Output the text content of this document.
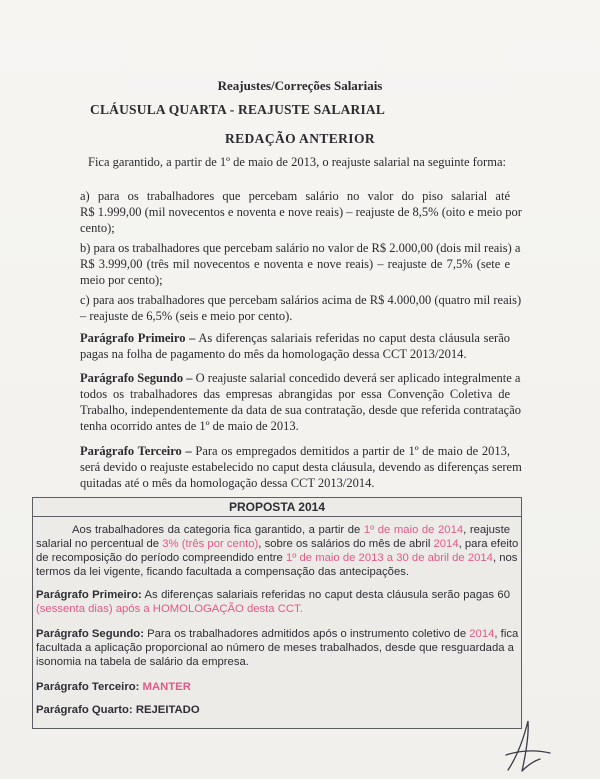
Reajustes/Correções Salariais
CLÁUSULA QUARTA - REAJUSTE SALARIAL
REDAÇÃO ANTERIOR
Fica garantido, a partir de 1º de maio de 2013, o reajuste salarial na seguinte forma:
a) para os trabalhadores que percebam salário no valor do piso salarial até
R$ 1.999,00 (mil novecentos e noventa e nove reais) – reajuste de 8,5% (oito e meio por
cento);
b) para os trabalhadores que percebam salário no valor de R$ 2.000,00 (dois mil reais) a
R$ 3.999,00 (três mil novecentos e noventa e nove reais) – reajuste de 7,5% (sete e
meio por cento);
c) para aos trabalhadores que percebam salários acima de R$ 4.000,00 (quatro mil reais)
– reajuste de 6,5% (seis e meio por cento).
Parágrafo Primeiro – As diferenças salariais referidas no caput desta cláusula serão
pagas na folha de pagamento do mês da homologação dessa CCT 2013/2014.
Parágrafo Segundo – O reajuste salarial concedido deverá ser aplicado integralmente a
todos os trabalhadores das empresas abrangidas por essa Convenção Coletiva de
Trabalho, independentemente da data de sua contratação, desde que referida contratação
tenha ocorrido antes de 1º de maio de 2013.
Parágrafo Terceiro – Para os empregados demitidos a partir de 1º de maio de 2013,
será devido o reajuste estabelecido no caput desta cláusula, devendo as diferenças serem
quitadas até o mês da homologação dessa CCT 2013/2014.
PROPOSTA 2014
Aos trabalhadores da categoria fica garantido, a partir de 1º de maio de 2014, reajuste
salarial no percentual de 3% (três por cento), sobre os salários do mês de abril 2014, para efeito
de recomposição do período compreendido entre 1º de maio de 2013 a 30 de abril de 2014, nos
termos da lei vigente, ficando facultada a compensação das antecipações.
Parágrafo Primeiro: As diferenças salariais referidas no caput desta cláusula serão pagas 60
(sessenta dias) após a HOMOLOGAÇÃO desta CCT.
Parágrafo Segundo: Para os trabalhadores admitidos após o instrumento coletivo de 2014, fica
facultada a aplicação proporcional ao número de meses trabalhados, desde que resguardada a
isonomia na tabela de salário da empresa.
Parágrafo Terceiro: MANTER
Parágrafo Quarto: REJEITADO
